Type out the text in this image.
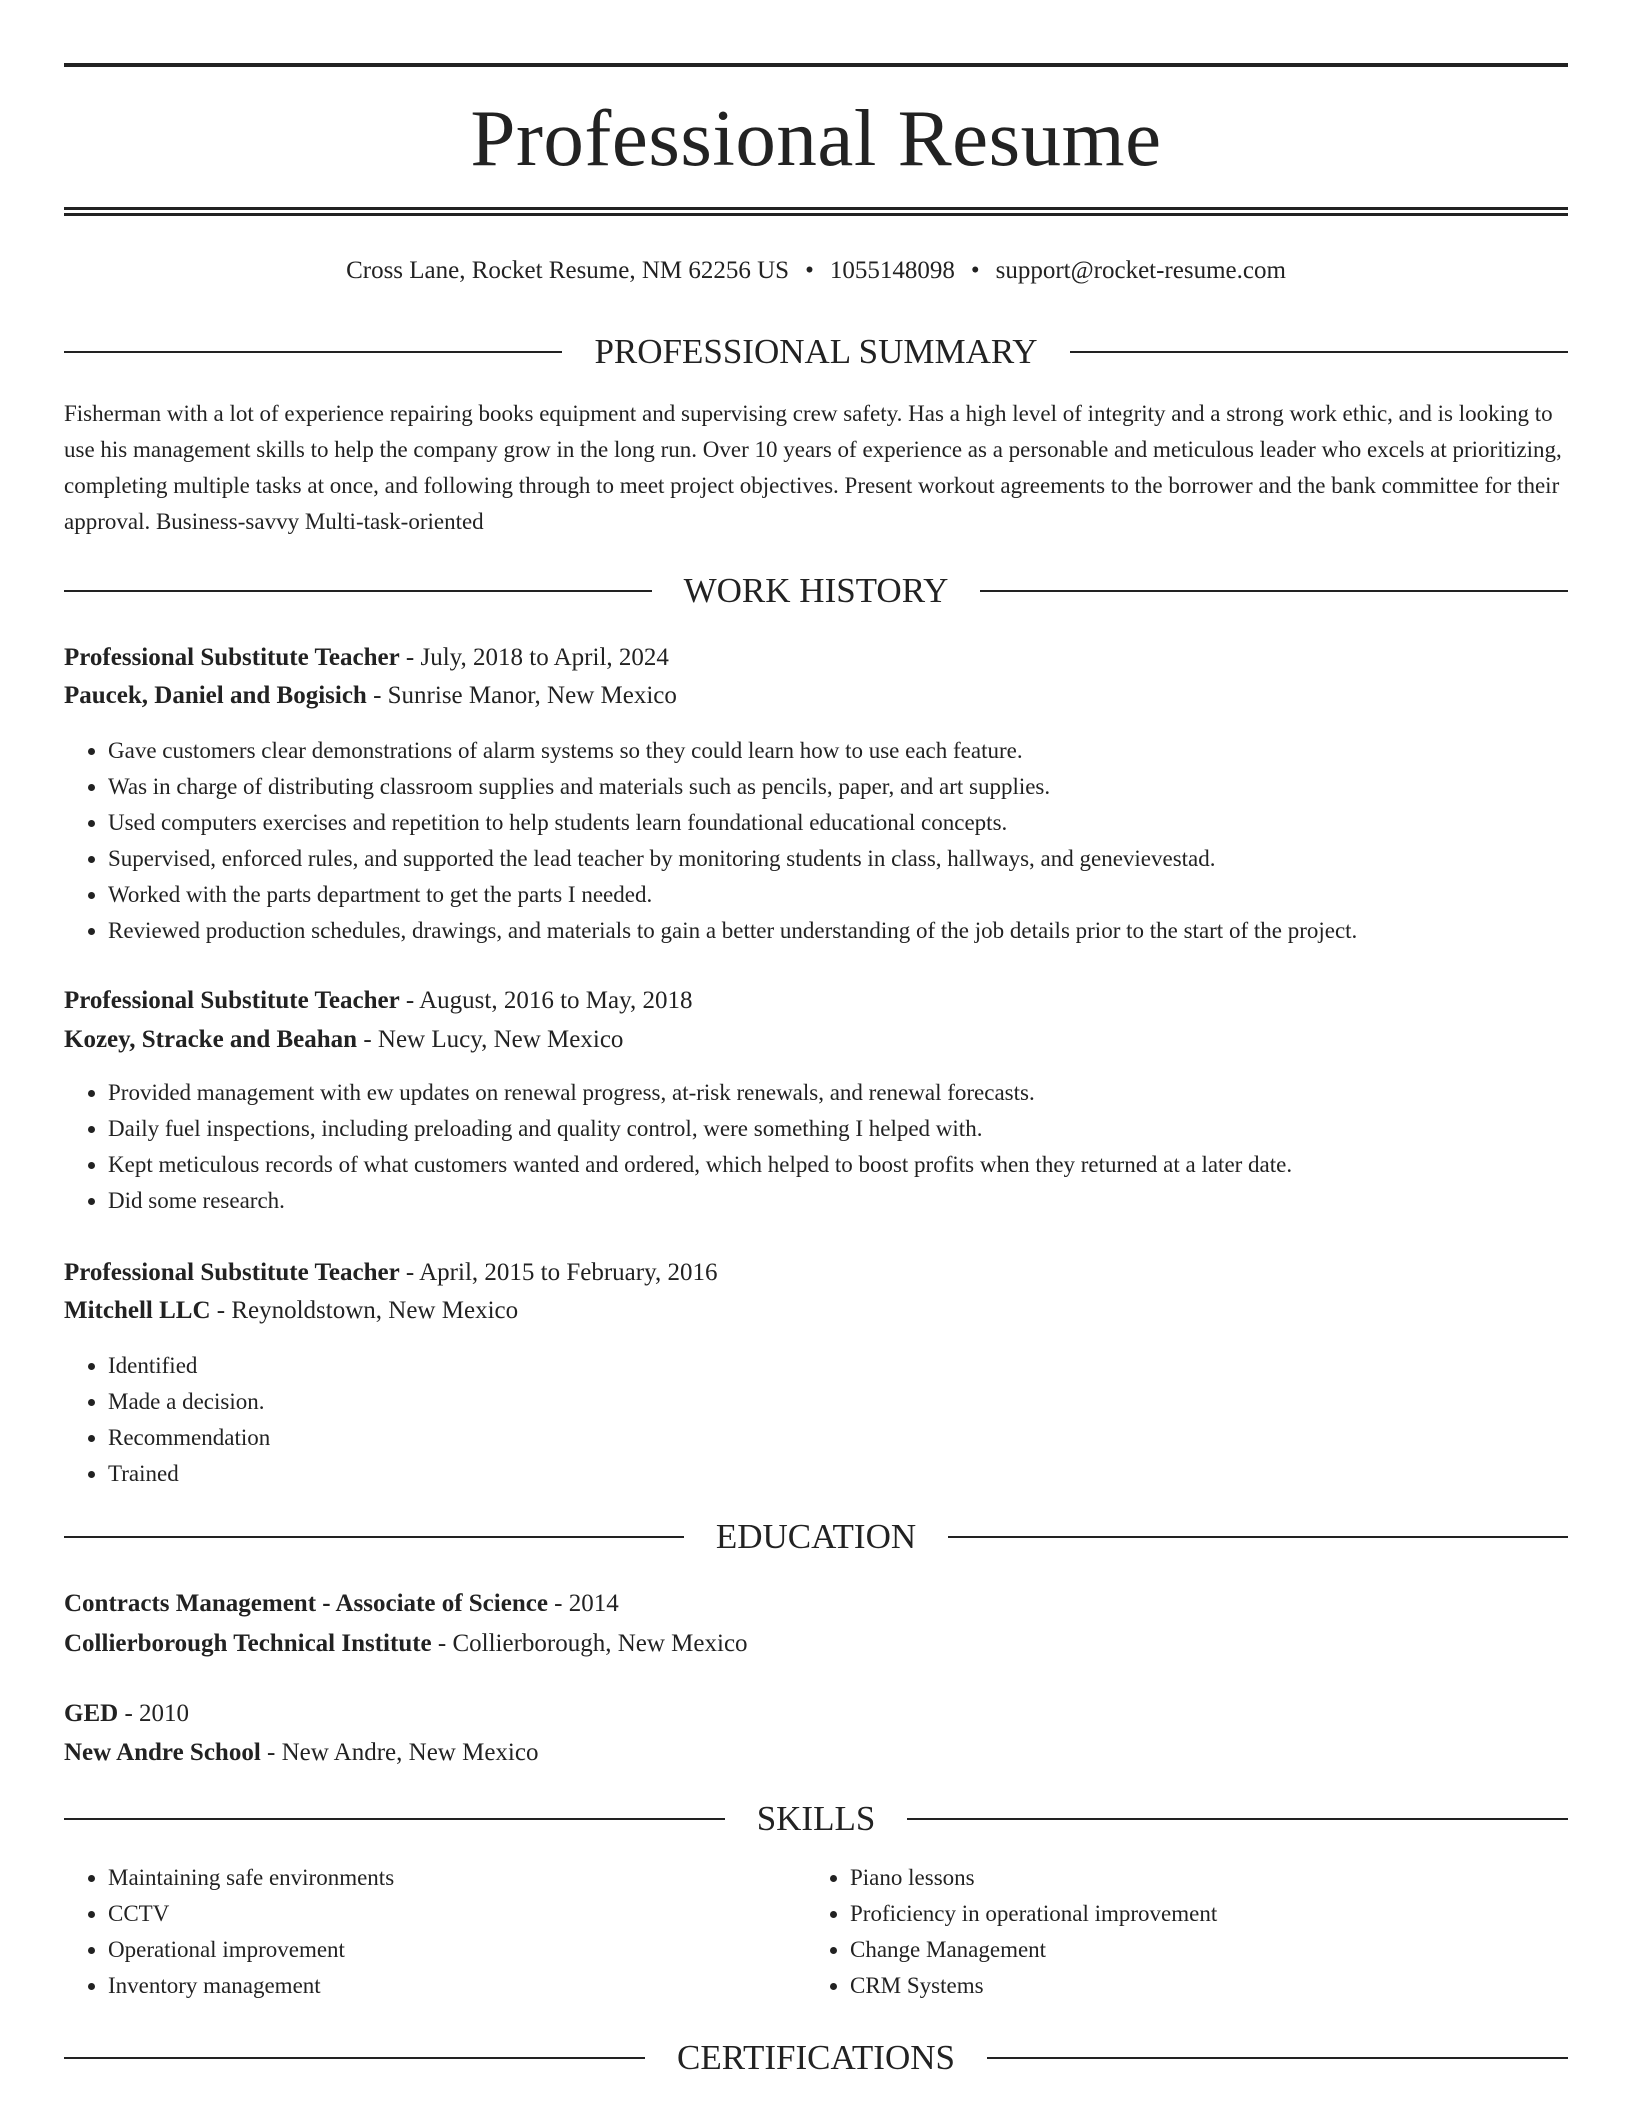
Professional Resume
Cross Lane, Rocket Resume, NM 62256 US • 1055148098 • support@rocket-resume.com
PROFESSIONAL SUMMARY
Fisherman with a lot of experience repairing books equipment and supervising crew safety. Has a high level of integrity and a strong work ethic, and is looking to use his management skills to help the company grow in the long run. Over 10 years of experience as a personable and meticulous leader who excels at prioritizing, completing multiple tasks at once, and following through to meet project objectives. Present workout agreements to the borrower and the bank committee for their approval. Business-savvy Multi-task-oriented
WORK HISTORY
Professional Substitute Teacher - July, 2018 to April, 2024
Paucek, Daniel and Bogisich - Sunrise Manor, New Mexico
• Gave customers clear demonstrations of alarm systems so they could learn how to use each feature.
• Was in charge of distributing classroom supplies and materials such as pencils, paper, and art supplies.
• Used computers exercises and repetition to help students learn foundational educational concepts.
• Supervised, enforced rules, and supported the lead teacher by monitoring students in class, hallways, and genevievestad.
• Worked with the parts department to get the parts I needed.
• Reviewed production schedules, drawings, and materials to gain a better understanding of the job details prior to the start of the project.
Professional Substitute Teacher - August, 2016 to May, 2018
Kozey, Stracke and Beahan - New Lucy, New Mexico
• Provided management with ew updates on renewal progress, at-risk renewals, and renewal forecasts.
• Daily fuel inspections, including preloading and quality control, were something I helped with.
• Kept meticulous records of what customers wanted and ordered, which helped to boost profits when they returned at a later date.
• Did some research.
Professional Substitute Teacher - April, 2015 to February, 2016
Mitchell LLC - Reynoldstown, New Mexico
• Identified
• Made a decision.
• Recommendation
• Trained
EDUCATION
Contracts Management - Associate of Science - 2014
Collierborough Technical Institute - Collierborough, New Mexico
GED - 2010
New Andre School - New Andre, New Mexico
SKILLS
• Maintaining safe environments
• CCTV
• Operational improvement
• Inventory management
• Piano lessons
• Proficiency in operational improvement
• Change Management
• CRM Systems
CERTIFICATIONS
